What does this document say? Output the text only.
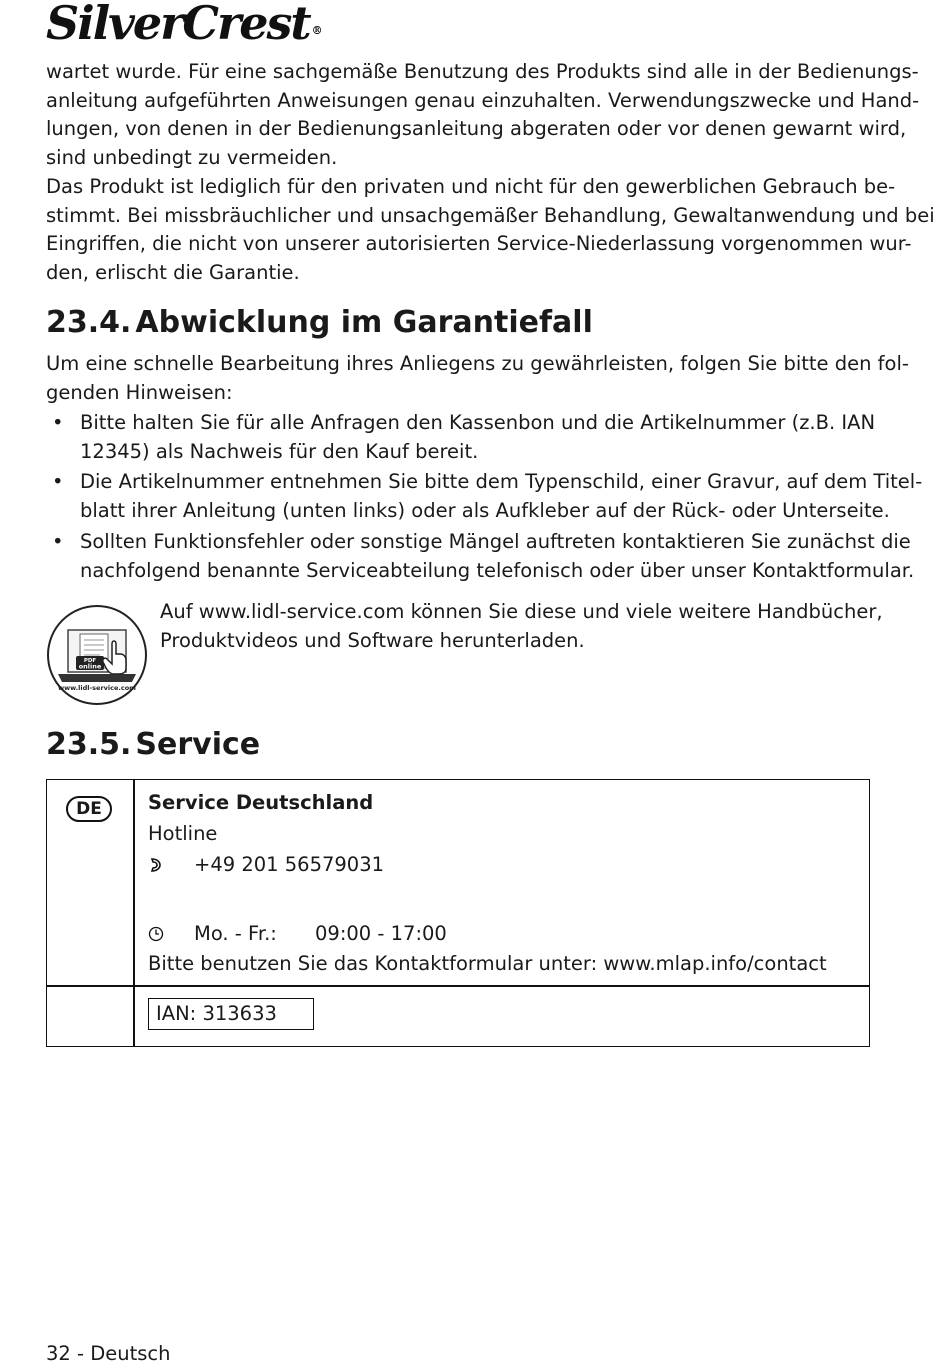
SilverCrest ®
wartet wurde. Für eine sachgemäße Benutzung des Produkts sind alle in der Bedienungs-
anleitung aufgeführten Anweisungen genau einzuhalten. Verwendungszwecke und Hand-
lungen, von denen in der Bedienungsanleitung abgeraten oder vor denen gewarnt wird,
sind unbedingt zu vermeiden.
Das Produkt ist lediglich für den privaten und nicht für den gewerblichen Gebrauch be-
stimmt. Bei missbräuchlicher und unsachgemäßer Behandlung, Gewaltanwendung und bei
Eingriffen, die nicht von unserer autorisierten Service-Niederlassung vorgenommen wur-
den, erlischt die Garantie.
23.4. Abwicklung im Garantiefall
Um eine schnelle Bearbeitung ihres Anliegens zu gewährleisten, folgen Sie bitte den fol-
genden Hinweisen:
• Bitte halten Sie für alle Anfragen den Kassenbon und die Artikelnummer (z.B. IAN
12345) als Nachweis für den Kauf bereit.
• Die Artikelnummer entnehmen Sie bitte dem Typenschild, einer Gravur, auf dem Titel-
blatt ihrer Anleitung (unten links) oder als Aufkleber auf der Rück- oder Unterseite.
• Sollten Funktionsfehler oder sonstige Mängel auftreten kontaktieren Sie zunächst die
nachfolgend benannte Serviceabteilung telefonisch oder über unser Kontaktformular.
PDF
online
www.lidl-service.com
Auf www.lidl-service.com können Sie diese und viele weitere Handbücher,
Produktvideos und Software herunterladen.
23.5. Service
DE	Service Deutschland
Hotline
+49 201 56579031
Mo. - Fr.: 09:00 - 17:00
Bitte benutzen Sie das Kontaktformular unter: www.mlap.info/contact
IAN: 313633
32 - Deutsch
